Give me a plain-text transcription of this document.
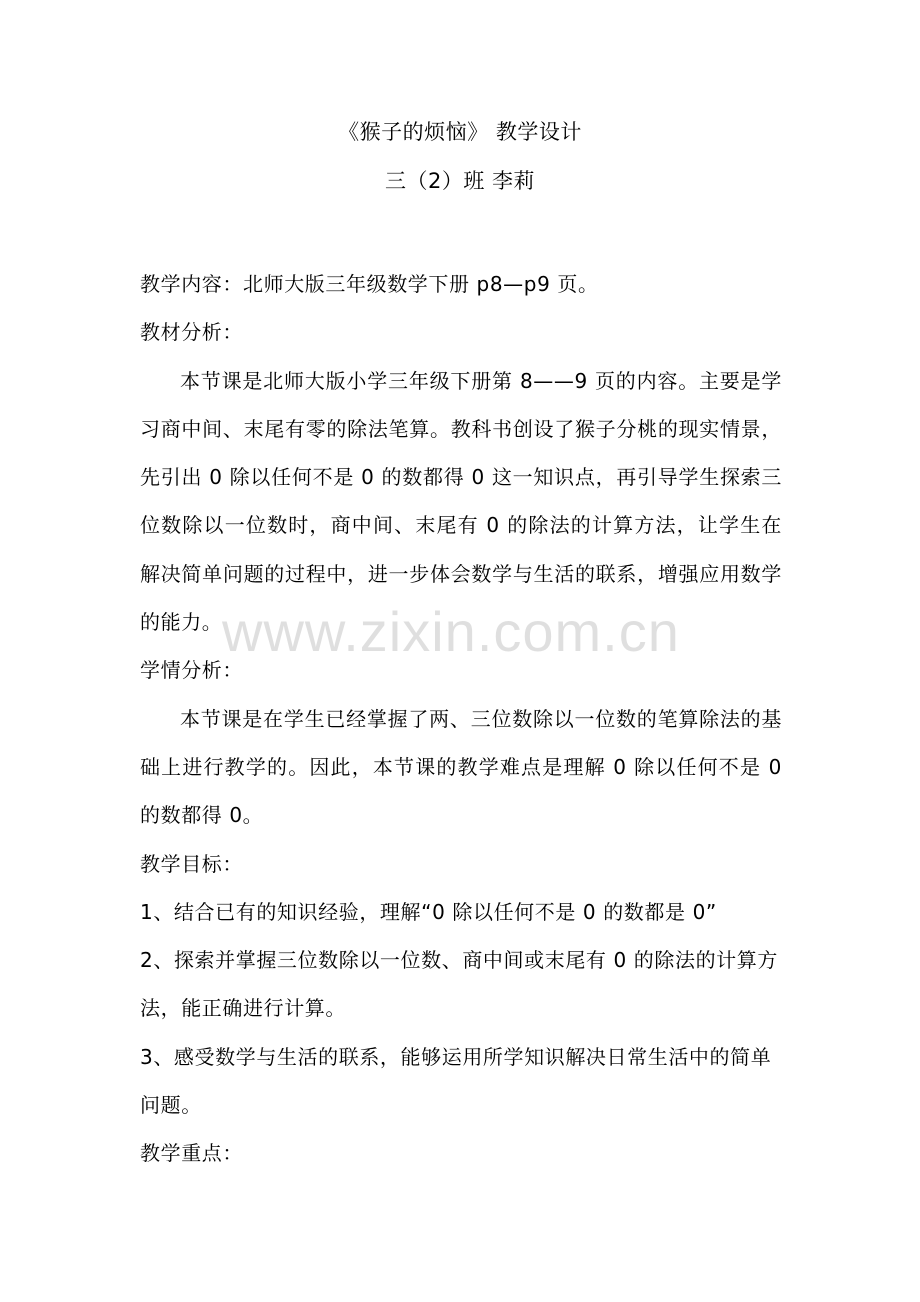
《猴子的烦恼》 教学设计
三（2）班 李莉

教学内容：北师大版三年级数学下册 p8—p9 页。

教材分析：

本节课是北师大版小学三年级下册第 8——9 页的内容。主要是学习商中间、末尾有零的除法笔算。教科书创设了猴子分桃的现实情景，先引出 0 除以任何不是 0 的数都得 0 这一知识点，再引导学生探索三位数除以一位数时，商中间、末尾有 0 的除法的计算方法，让学生在解决简单问题的过程中，进一步体会数学与生活的联系，增强应用数学的能力。

学情分析：

本节课是在学生已经掌握了两、三位数除以一位数的笔算除法的基础上进行教学的。因此，本节课的教学难点是理解 0 除以任何不是 0 的数都得 0。

教学目标：

1、结合已有的知识经验，理解“0 除以任何不是 0 的数都是 0”

2、探索并掌握三位数除以一位数、商中间或末尾有 0 的除法的计算方法，能正确进行计算。

3、感受数学与生活的联系，能够运用所学知识解决日常生活中的简单问题。

教学重点：

www.zixin.com.cn
